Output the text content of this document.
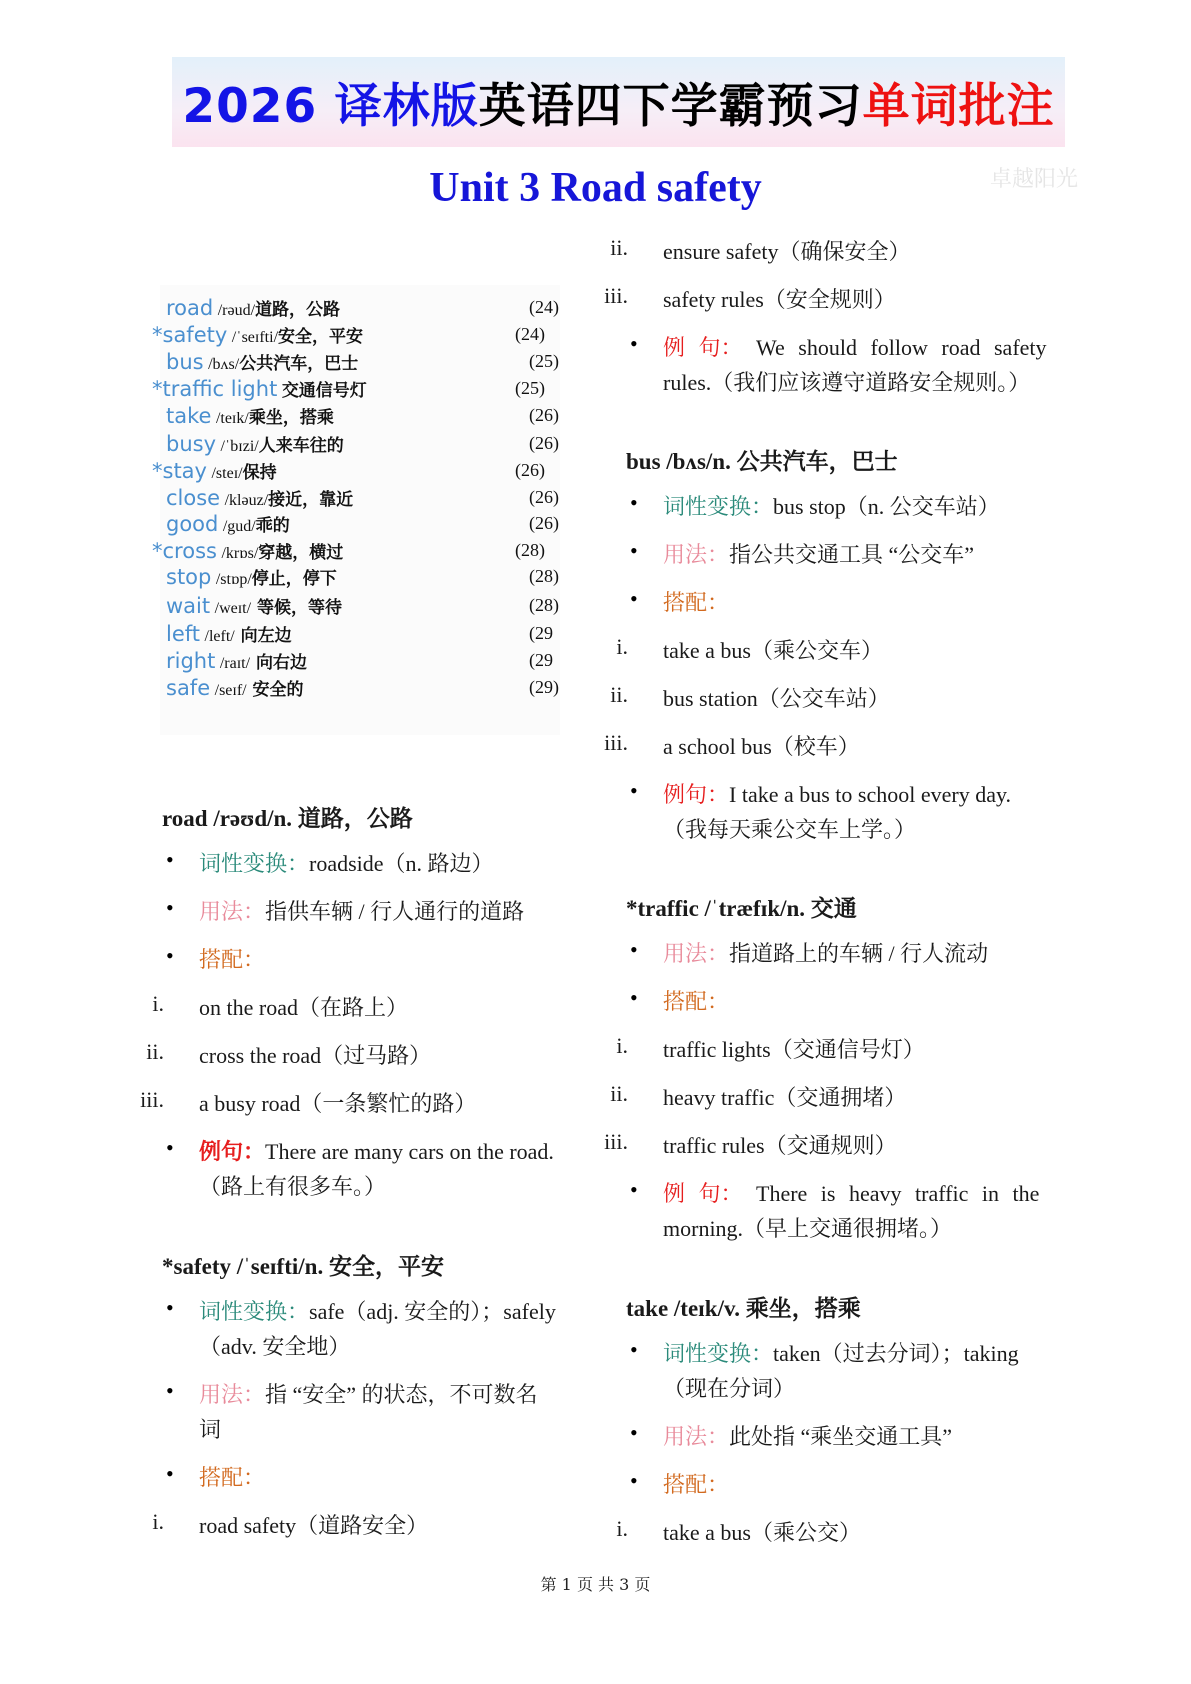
2026 译林版 英语四下学霸预习 单词批注
Unit 3 Road safety	卓越阳光
road /rəud/道路，公路	(24)
*safety /ˈseɪfti/安全，平安	(24)
bus /bʌs/公共汽车，巴士	(25)
*traffic light 交通信号灯	(25)
take /teɪk/乘坐，搭乘	(26)
busy /ˈbɪzi/人来车往的	(26)
*stay /steɪ/保持	(26)
close /kləuz/接近，靠近	(26)
good /gud/乖的	(26)
*cross /krɒs/穿越，横过	(28)
stop /stɒp/停止，停下	(28)
wait /weɪt/ 等候，等待	(28)
left /left/ 向左边	(29
right /raɪt/ 向右边	(29
safe /seɪf/ 安全的	(29)
road /rəʊd/n. 道路，公路
• 词性变换：roadside（n. 路边）
• 用法：指供车辆 / 行人通行的道路
• 搭配：
i. on the road（在路上）
ii. cross the road（过马路）
iii. a busy road（一条繁忙的路）
• 例句：There are many cars on the road.
（路上有很多车。）
*safety /ˈseɪfti/n. 安全，平安
• 词性变换：safe（adj. 安全的）；safely
（adv. 安全地）
• 用法：指 “安全” 的状态，不可数名
词
• 搭配：
i. road safety（道路安全）
ii. ensure safety（确保安全）
iii. safety rules（安全规则）
• 例 句： We should follow road safety
rules.（我们应该遵守道路安全规则。）
bus /bʌs/n. 公共汽车，巴士
• 词性变换：bus stop（n. 公交车站）
• 用法：指公共交通工具 “公交车”
• 搭配：
i. take a bus（乘公交车）
ii. bus station（公交车站）
iii. a school bus（校车）
• 例句：I take a bus to school every day.
（我每天乘公交车上学。）
*traffic /ˈtræfɪk/n. 交通
• 用法：指道路上的车辆 / 行人流动
• 搭配：
i. traffic lights（交通信号灯）
ii. heavy traffic（交通拥堵）
iii. traffic rules（交通规则）
• 例 句： There is heavy traffic in the
morning.（早上交通很拥堵。）
take /teɪk/v. 乘坐，搭乘
• 词性变换：taken（过去分词）；taking
（现在分词）
• 用法：此处指 “乘坐交通工具”
• 搭配：
i. take a bus（乘公交）
第 1 页 共 3 页
